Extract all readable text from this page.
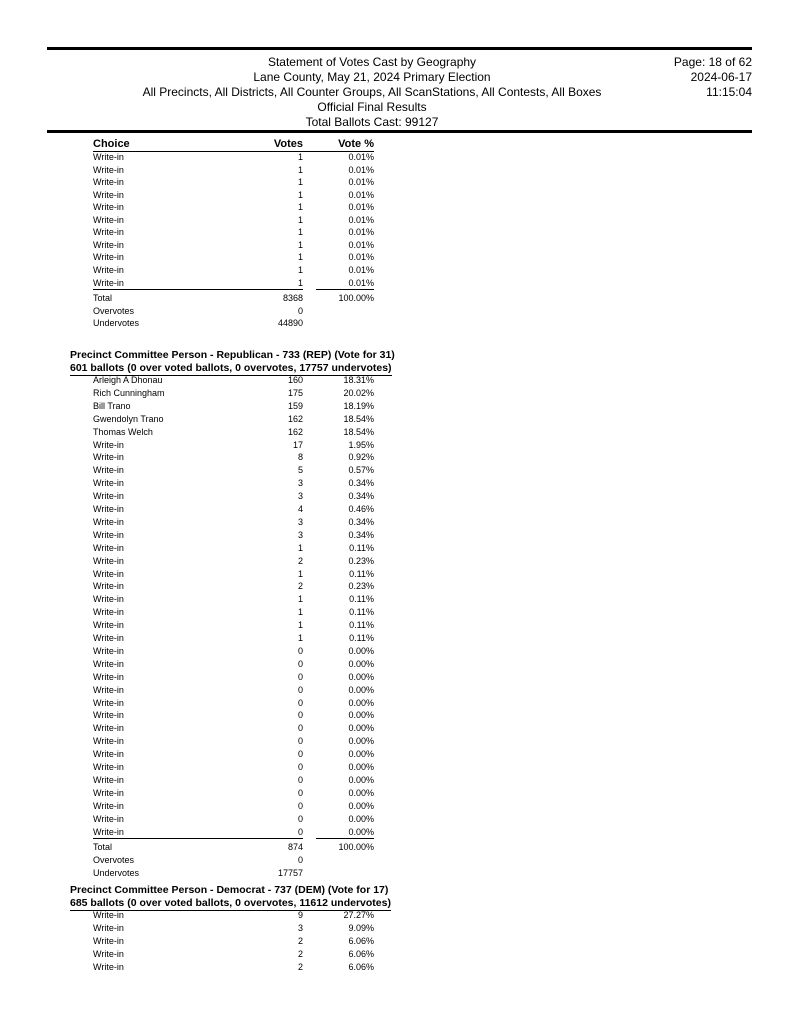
Statement of Votes Cast by Geography
Lane County, May 21, 2024 Primary Election
All Precincts, All Districts, All Counter Groups, All ScanStations, All Contests, All Boxes
Official Final Results
Total Ballots Cast: 99127
Page: 18 of 62
2024-06-17
11:15:04
Choice	Votes	Vote %
Write-in	1	0.01%
Write-in	1	0.01%
Write-in	1	0.01%
Write-in	1	0.01%
Write-in	1	0.01%
Write-in	1	0.01%
Write-in	1	0.01%
Write-in	1	0.01%
Write-in	1	0.01%
Write-in	1	0.01%
Write-in	1	0.01%
Total	8368	100.00%
Overvotes	0
Undervotes	44890
Precinct Committee Person - Republican - 733 (REP) (Vote for 31)
601 ballots (0 over voted ballots, 0 overvotes, 17757 undervotes)
Arleigh A Dhonau	160	18.31%
Rich Cunningham	175	20.02%
Bill Trano	159	18.19%
Gwendolyn Trano	162	18.54%
Thomas Welch	162	18.54%
Write-in	17	1.95%
Write-in	8	0.92%
Write-in	5	0.57%
Write-in	3	0.34%
Write-in	3	0.34%
Write-in	4	0.46%
Write-in	3	0.34%
Write-in	3	0.34%
Write-in	1	0.11%
Write-in	2	0.23%
Write-in	1	0.11%
Write-in	2	0.23%
Write-in	1	0.11%
Write-in	1	0.11%
Write-in	1	0.11%
Write-in	1	0.11%
Write-in	0	0.00%
Write-in	0	0.00%
Write-in	0	0.00%
Write-in	0	0.00%
Write-in	0	0.00%
Write-in	0	0.00%
Write-in	0	0.00%
Write-in	0	0.00%
Write-in	0	0.00%
Write-in	0	0.00%
Write-in	0	0.00%
Write-in	0	0.00%
Write-in	0	0.00%
Write-in	0	0.00%
Write-in	0	0.00%
Total	874	100.00%
Overvotes	0
Undervotes	17757
Precinct Committee Person - Democrat - 737 (DEM) (Vote for 17)
685 ballots (0 over voted ballots, 0 overvotes, 11612 undervotes)
Write-in	9	27.27%
Write-in	3	9.09%
Write-in	2	6.06%
Write-in	2	6.06%
Write-in	2	6.06%
